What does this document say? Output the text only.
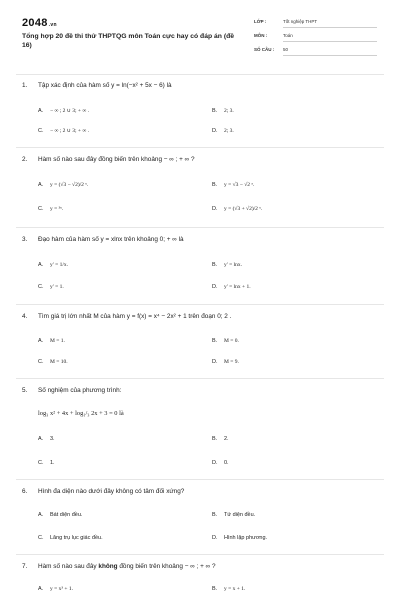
2048.vn
Tổng hợp 20 đề thi thử THPTQG môn Toán cực hay có đáp án (đề 16)
LỚP :	Tốt nghiệp THPT
MÔN :	Toán
SỐ CÂU : 50
1. Tập xác định của hàm số y = ln(−x² + 5x − 6) là
A. − ∞ ; 2 ∪ 3; + ∞ .	B. 2; 3.
C. − ∞ ; 2 ∪ 3; + ∞ .	D. 2; 3.
2. Hàm số nào sau đây đồng biến trên khoảng − ∞ ; + ∞ ?
A. y = (√3 − √2)/2 ˣ.	B. y = √3 − √2 ˣ.
C. y = ³ˣ.	D. y = (√3 + √2)/2 ˣ.
3. Đạo hàm của hàm số y = xlnx trên khoảng 0; + ∞ là
A. y' = 1/x.	B. y' = lnx.
C. y' = 1.	D. y' = lnx + 1.
4. Tìm giá trị lớn nhất M của hàm y = f(x) = x⁴ − 2x² + 1 trên đoạn 0; 2 .
A. M = 1.	B. M = 0.
C. M = 10.	D. M = 9.
5. Số nghiệm của phương trình:
log₃ x² + 4x + log₁/₃ 2x + 3 = 0 là
A. 3.	B. 2.
C. 1.	D. 0.
6. Hình đa diện nào dưới đây không có tâm đối xứng?
A. Bát diện đều.	B. Tứ diện đều.
C. Lăng trụ lục giác đều.	D. Hình lập phương.
7. Hàm số nào sau đây không đồng biến trên khoảng − ∞ ; + ∞ ?
A. y = x³ + 1.	B. y = x + 1.
